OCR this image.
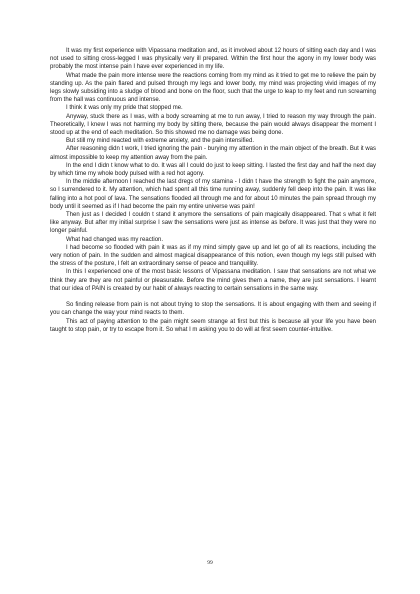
It was my first experience with Vipassana meditation and, as it involved about 12 hours of sitting each day and I was not used to sitting cross-legged I was physically very ill prepared. Within the first hour the agony in my lower body was probably the most intense pain I have ever experienced in my life.

What made the pain more intense were the reactions coming from my mind as it tried to get me to relieve the pain by standing up. As the pain flared and pulsed through my legs and lower body, my mind was projecting vivid images of my legs slowly subsiding into a sludge of blood and bone on the floor, such that the urge to leap to my feet and run screaming from the hall was continuous and intense.

I think it was only my pride that stopped me.

Anyway, stuck there as I was, with a body screaming at me to run away, I tried to reason my way through the pain. Theoretically, I knew I was not harming my body by sitting there, because the pain would always disappear the moment I stood up at the end of each meditation. So this showed me no damage was being done.

But still my mind reacted with extreme anxiety, and the pain intensified.

After reasoning didn t work, I tried ignoring the pain - burying my attention in the main object of the breath. But it was almost impossible to keep my attention away from the pain.

In the end I didn t know what to do. It was all I could do just to keep sitting. I lasted the first day and half the next day by which time my whole body pulsed with a red hot agony.

In the middle afternoon I reached the last dregs of my stamina - I didn t have the strength to fight the pain anymore, so I surrendered to it. My attention, which had spent all this time running away, suddenly fell deep into the pain. It was like falling into a hot pool of lava. The sensations flooded all through me and for about 10 minutes the pain spread through my body until it seemed as if I had become the pain my entire universe was pain!

Then just as I decided I couldn t stand it anymore the sensations of pain magically disappeared. That s what it felt like anyway. But after my initial surprise I saw the sensations were just as intense as before. It was just that they were no longer painful.

What had changed was my reaction.

I had become so flooded with pain it was as if my mind simply gave up and let go of all its reactions, including the very notion of pain. In the sudden and almost magical disappearance of this notion, even though my legs still pulsed with the stress of the posture, I felt an extraordinary sense of peace and tranquillity.

In this I experienced one of the most basic lessons of Vipassana meditation. I saw that sensations are not what we think they are they are not painful or pleasurable. Before the mind gives them a name, they are just sensations. I learnt that our idea of PAIN is created by our habit of always reacting to certain sensations in the same way.

So finding release from pain is not about trying to stop the sensations. It is about engaging with them and seeing if you can change the way your mind reacts to them.

This act of paying attention to the pain might seem strange at first but this is because all your life you have been taught to stop pain, or try to escape from it. So what I m asking you to do will at first seem counter-intuitive.

99
